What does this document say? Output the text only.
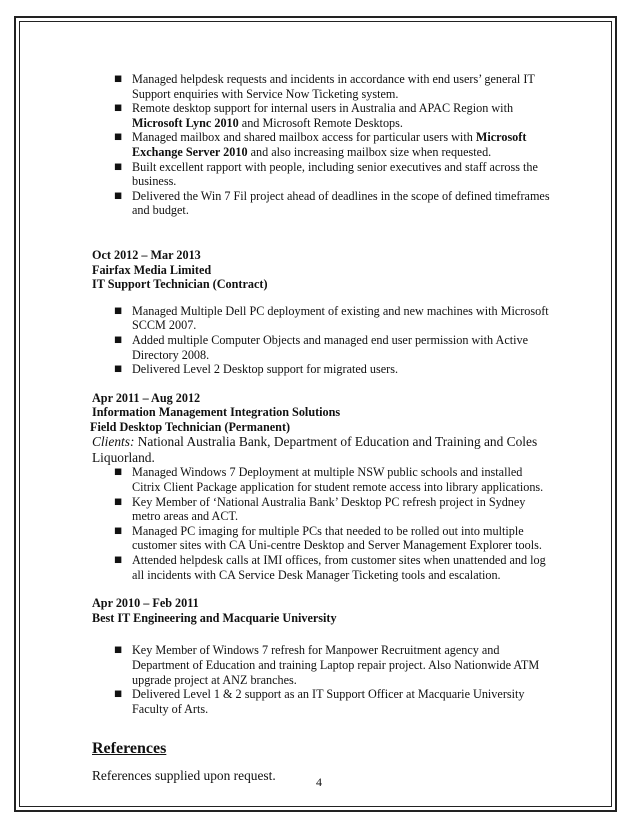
■ Managed helpdesk requests and incidents in accordance with end users’ general IT Support enquiries with Service Now Ticketing system.
■ Remote desktop support for internal users in Australia and APAC Region with Microsoft Lync 2010 and Microsoft Remote Desktops.
■ Managed mailbox and shared mailbox access for particular users with Microsoft Exchange Server 2010 and also increasing mailbox size when requested.
■ Built excellent rapport with people, including senior executives and staff across the business.
■ Delivered the Win 7 Fil project ahead of deadlines in the scope of defined timeframes and budget.

Oct 2012 – Mar 2013

Fairfax Media Limited

IT Support Technician (Contract)

■ Managed Multiple Dell PC deployment of existing and new machines with Microsoft SCCM 2007.
■ Added multiple Computer Objects and managed end user permission with Active Directory 2008.
■ Delivered Level 2 Desktop support for migrated users.

Apr 2011 – Aug 2012

Information Management Integration Solutions

Field Desktop Technician (Permanent)

Clients: National Australia Bank, Department of Education and Training and Coles Liquorland.

■ Managed Windows 7 Deployment at multiple NSW public schools and installed Citrix Client Package application for student remote access into library applications.
■ Key Member of ‘National Australia Bank’ Desktop PC refresh project in Sydney metro areas and ACT.
■ Managed PC imaging for multiple PCs that needed to be rolled out into multiple customer sites with CA Uni-centre Desktop and Server Management Explorer tools.
■ Attended helpdesk calls at IMI offices, from customer sites when unattended and log all incidents with CA Service Desk Manager Ticketing tools and escalation.

Apr 2010 – Feb 2011

Best IT Engineering and Macquarie University

■ Key Member of Windows 7 refresh for Manpower Recruitment agency and Department of Education and training Laptop repair project. Also Nationwide ATM upgrade project at ANZ branches.
■ Delivered Level 1 & 2 support as an IT Support Officer at Macquarie University Faculty of Arts.

References

References supplied upon request.	4
